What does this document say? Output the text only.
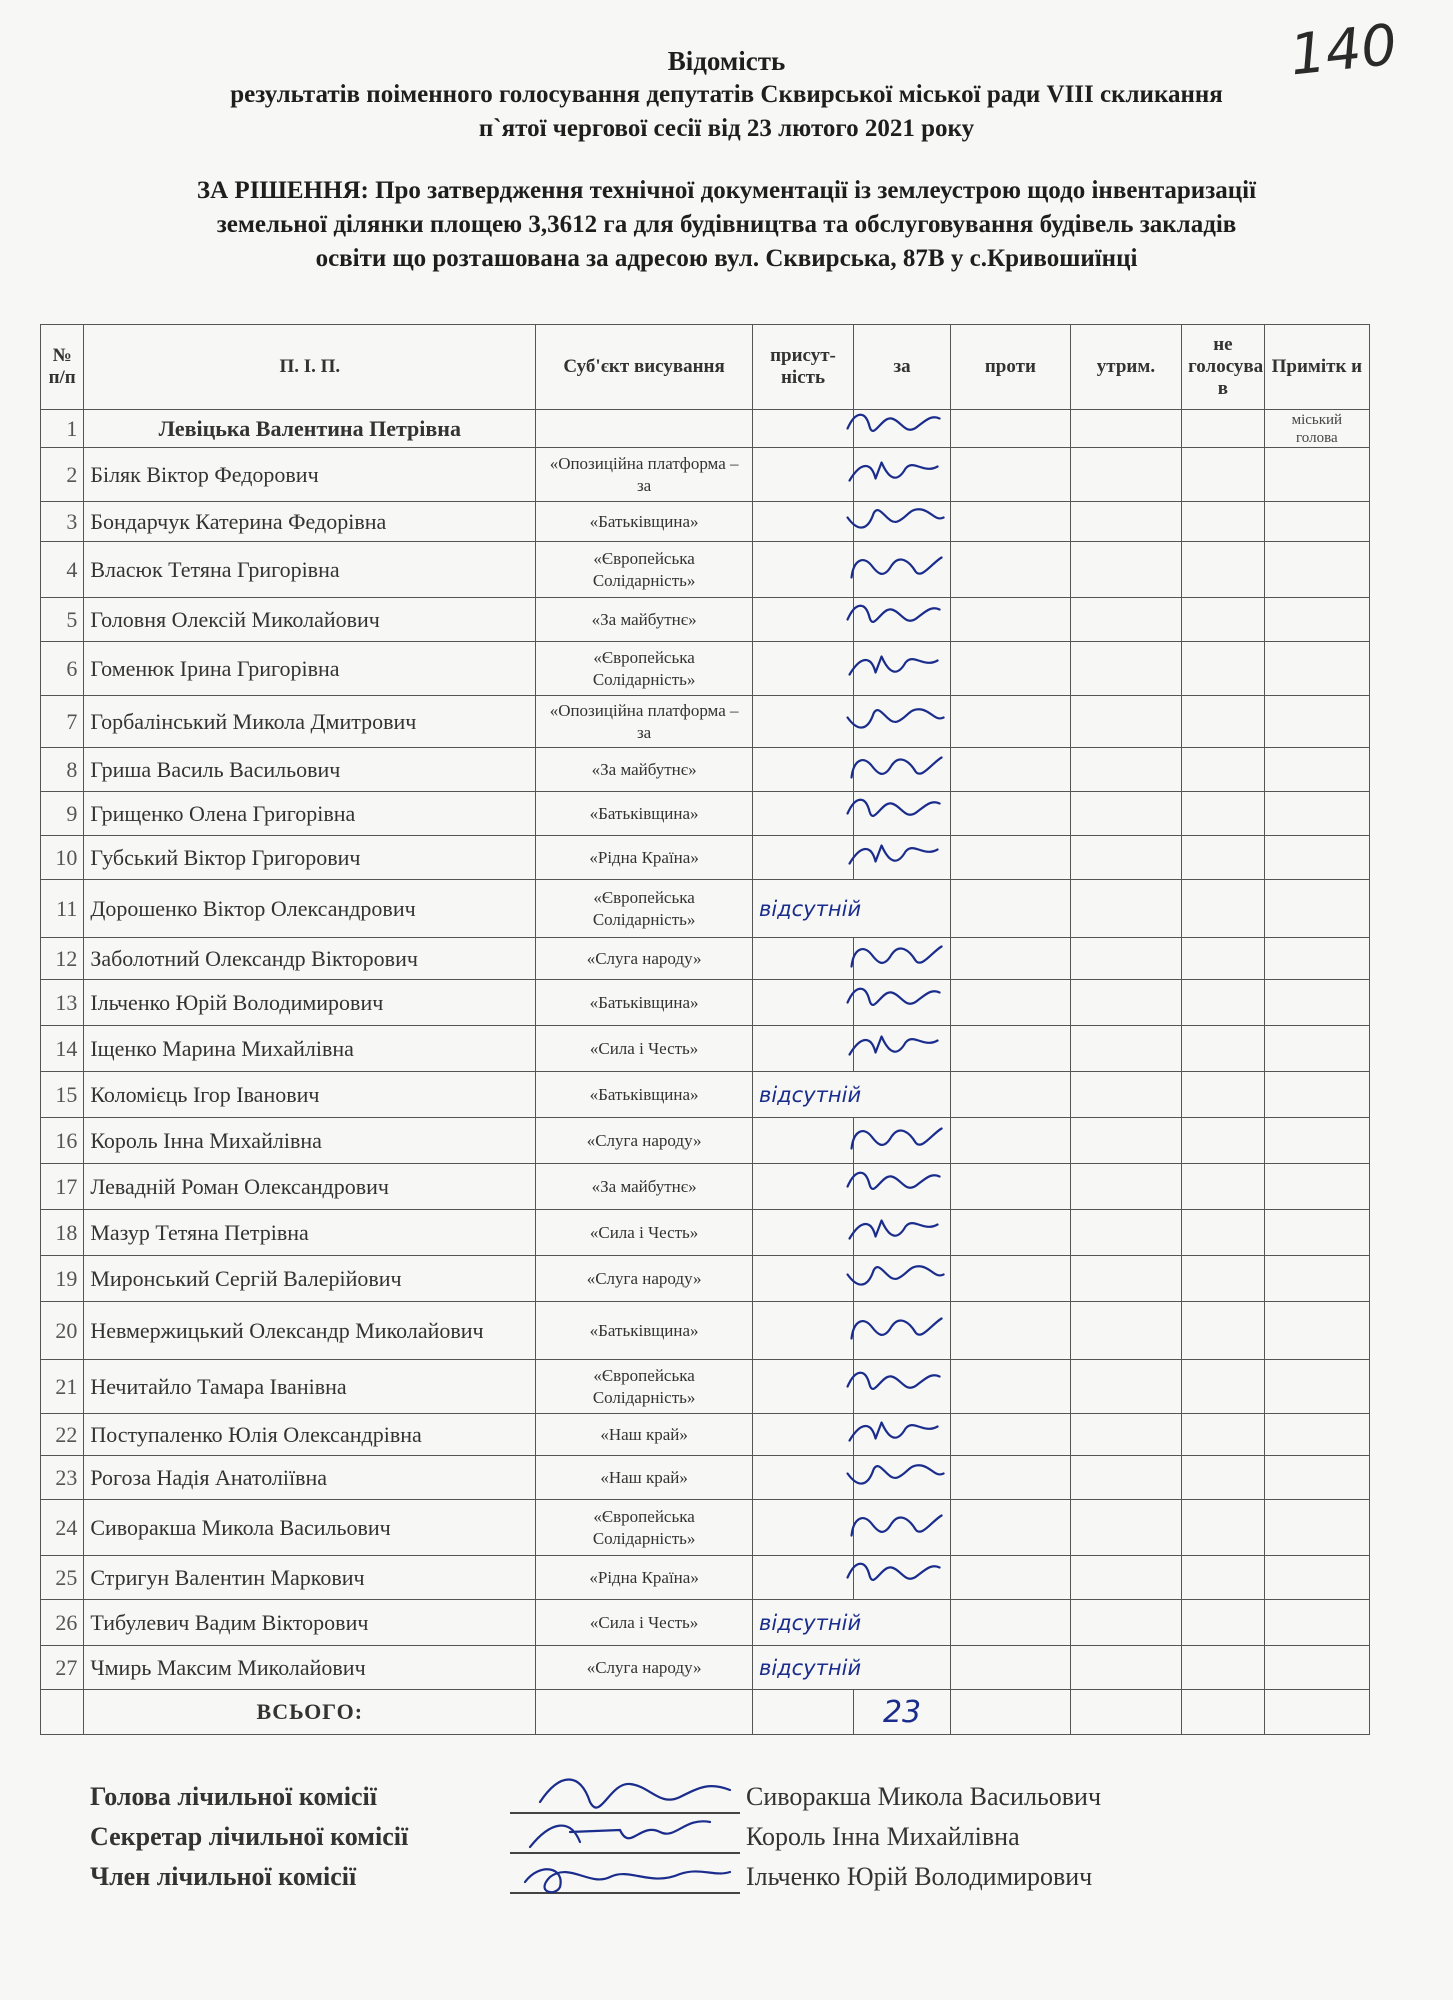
140
Відомість
результатів поіменного голосування депутатів Сквирської міської ради VIII скликання
п`ятої чергової сесії від 23 лютого 2021 року
ЗА РІШЕННЯ: Про затвердження технічної документації із землеустрою щодо інвентаризації
земельної ділянки площею 3,3612 га для будівництва та обслуговування будівель закладів
освіти що розташована за адресою вул. Сквирська, 87В у с.Кривошиїнці
№ п/п	П. І. П.	Суб'єкт висування	присут-ність	за	проти	утрим.	не голосува в	Примітк и
1	Левіцька Валентина Петрівна							міський голова
2	Біляк Віктор Федорович	«Опозиційна платформа – за						
3	Бондарчук Катерина Федорівна	«Батьківщина»						
4	Власюк Тетяна Григорівна	«Європейська Солідарність»						
5	Головня Олексій Миколайович	«За майбутнє»						
6	Гоменюк Ірина Григорівна	«Європейська Солідарність»						
7	Горбалінський Микола Дмитрович	«Опозиційна платформа – за						
8	Гриша Василь Васильович	«За майбутнє»						
9	Грищенко Олена Григорівна	«Батьківщина»						
10	Губський Віктор Григорович	«Рідна Країна»						
11	Дорошенко Віктор Олександрович	«Європейська Солідарність»	відсутній					
12	Заболотний Олександр Вікторович	«Слуга народу»						
13	Ільченко Юрій Володимирович	«Батьківщина»						
14	Іщенко Марина Михайлівна	«Сила і Честь»						
15	Коломієць Ігор Іванович	«Батьківщина»	відсутній					
16	Король Інна Михайлівна	«Слуга народу»						
17	Левадній Роман Олександрович	«За майбутнє»						
18	Мазур Тетяна Петрівна	«Сила і Честь»						
19	Миронський Сергій Валерійович	«Слуга народу»						
20	Невмержицький Олександр Миколайович	«Батьківщина»						
21	Нечитайло Тамара Іванівна	«Європейська Солідарність»						
22	Поступаленко Юлія Олександрівна	«Наш край»						
23	Рогоза Надія Анатоліївна	«Наш край»						
24	Сиворакша Микола Васильович	«Європейська Солідарність»						
25	Стригун Валентин Маркович	«Рідна Країна»						
26	Тибулевич Вадим Вікторович	«Сила і Честь»	відсутній					
27	Чмирь Максим Миколайович	«Слуга народу»	відсутній					
	ВСЬОГО:			23				
Голова лічильної комісії	Сиворакша Микола Васильович
Секретар лічильної комісії	Король Інна Михайлівна
Член лічильної комісії	Ільченко Юрій Володимирович
